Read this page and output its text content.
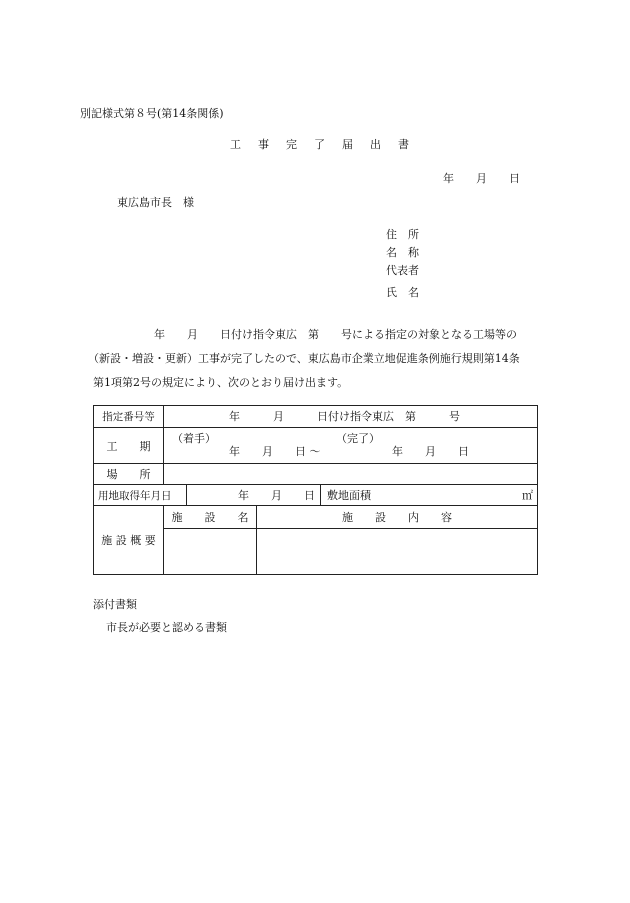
別記様式第８号(第14条関係)
工　事　完　了　届　出　書
年　　月　　日
東広島市長　様
住　所
名　称
代表者
氏　名
年　　月　　日付け指令東広　第　　号による指定の対象となる工場等の
（新設・増設・更新）工事が完了したので、東広島市企業立地促進条例施行規則第14条
第1項第2号の規定により、次のとおり届け出ます。
指定番号等	年　　　月　　　日付け指令東広　第　　　号			

工　　期	（着手）
年　　月　　日 〜
（完了）
年　　月　　日			

場　　所				
用地取得年月日		年　　月　　日		敷地面積 ㎡

施 設 概 要	施　　設　　名		施　　設　　内　　容	

添付書類
市長が必要と認める書類
